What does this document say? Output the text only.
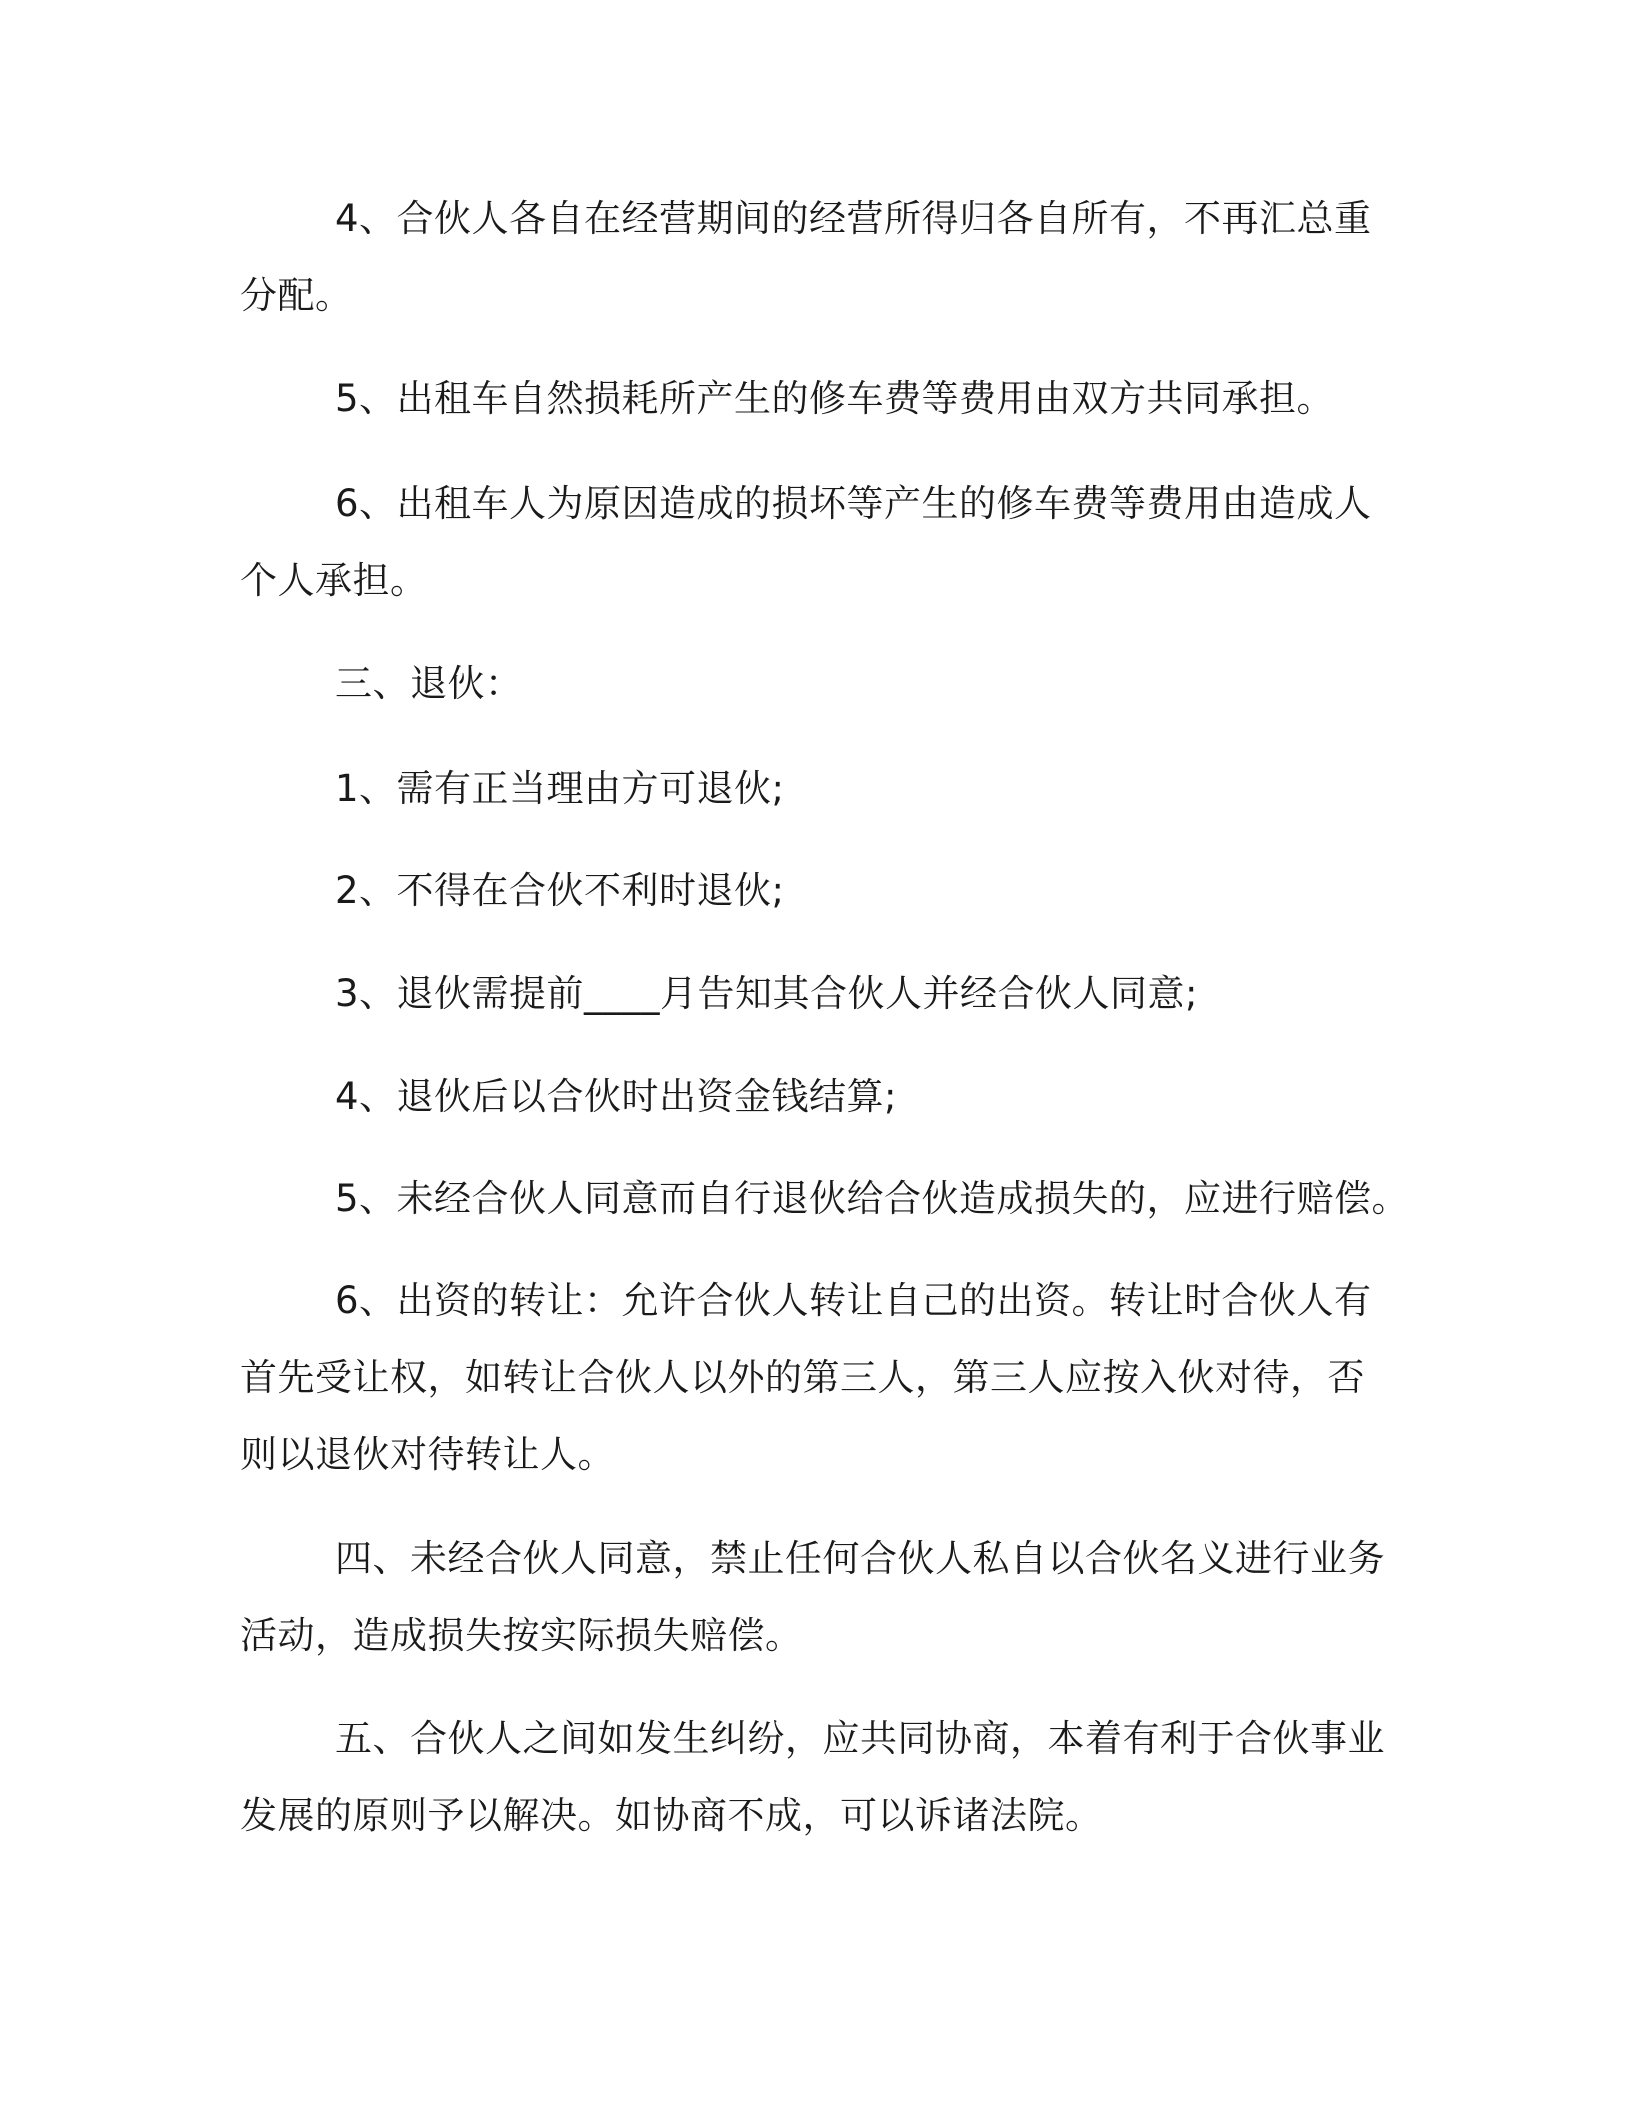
4、合伙人各自在经营期间的经营所得归各自所有，不再汇总重分配。

5、出租车自然损耗所产生的修车费等费用由双方共同承担。

6、出租车人为原因造成的损坏等产生的修车费等费用由造成人个人承担。

三、退伙：

1、需有正当理由方可退伙;

2、不得在合伙不利时退伙;

3、退伙需提前____月告知其合伙人并经合伙人同意;

4、退伙后以合伙时出资金钱结算;

5、未经合伙人同意而自行退伙给合伙造成损失的，应进行赔偿。

6、出资的转让：允许合伙人转让自己的出资。转让时合伙人有首先受让权，如转让合伙人以外的第三人，第三人应按入伙对待，否则以退伙对待转让人。

四、未经合伙人同意，禁止任何合伙人私自以合伙名义进行业务活动，造成损失按实际损失赔偿。

五、合伙人之间如发生纠纷，应共同协商，本着有利于合伙事业发展的原则予以解决。如协商不成，可以诉诸法院。
